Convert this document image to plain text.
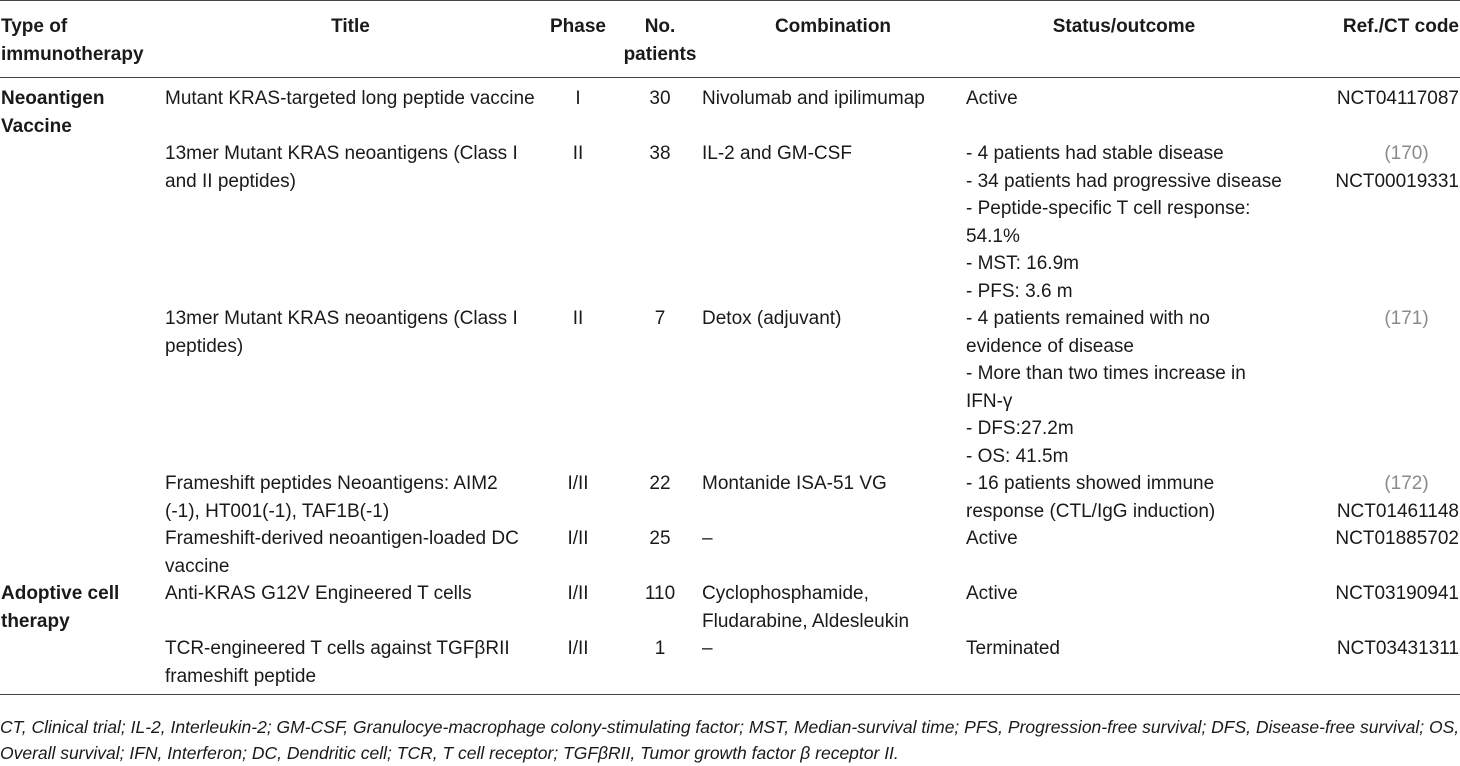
Type of immunotherapy	Title	Phase	No. patients	Combination	Status/outcome	Ref./CT code
Neoantigen Vaccine	Mutant KRAS-targeted long peptide vaccine	I	30	Nivolumab and ipilimumap	Active	NCT04117087

	13mer Mutant KRAS neoantigens (Class I and II peptides)	II	38	IL-2 and GM-CSF	- 4 patients had stable disease
- 34 patients had progressive disease
- Peptide-specific T cell response: 54.1%
- MST: 16.9m
- PFS: 3.6 m	(170)
NCT00019331

	13mer Mutant KRAS neoantigens (Class I peptides)	II	7	Detox (adjuvant)	- 4 patients remained with no evidence of disease
- More than two times increase in IFN-γ
- DFS:27.2m
- OS: 41.5m	(171)

	Frameshift peptides Neoantigens: AIM2 (-1), HT001(-1), TAF1B(-1)	I/II	22	Montanide ISA-51 VG	- 16 patients showed immune response (CTL/IgG induction)	(172)
NCT01461148

	Frameshift-derived neoantigen-loaded DC vaccine	I/II	25	–	Active	NCT01885702

Adoptive cell therapy	Anti-KRAS G12V Engineered T cells	I/II	110	Cyclophosphamide, Fludarabine, Aldesleukin	Active	NCT03190941

	TCR-engineered T cells against TGFβRII frameshift peptide	I/II	1	–	Terminated	NCT03431311
CT, Clinical trial; IL-2, Interleukin-2; GM-CSF, Granulocye-macrophage colony-stimulating factor; MST, Median-survival time; PFS, Progression-free survival; DFS, Disease-free survival; OS, Overall survival; IFN, Interferon; DC, Dendritic cell; TCR, T cell receptor; TGFβRII, Tumor growth factor β receptor II.
